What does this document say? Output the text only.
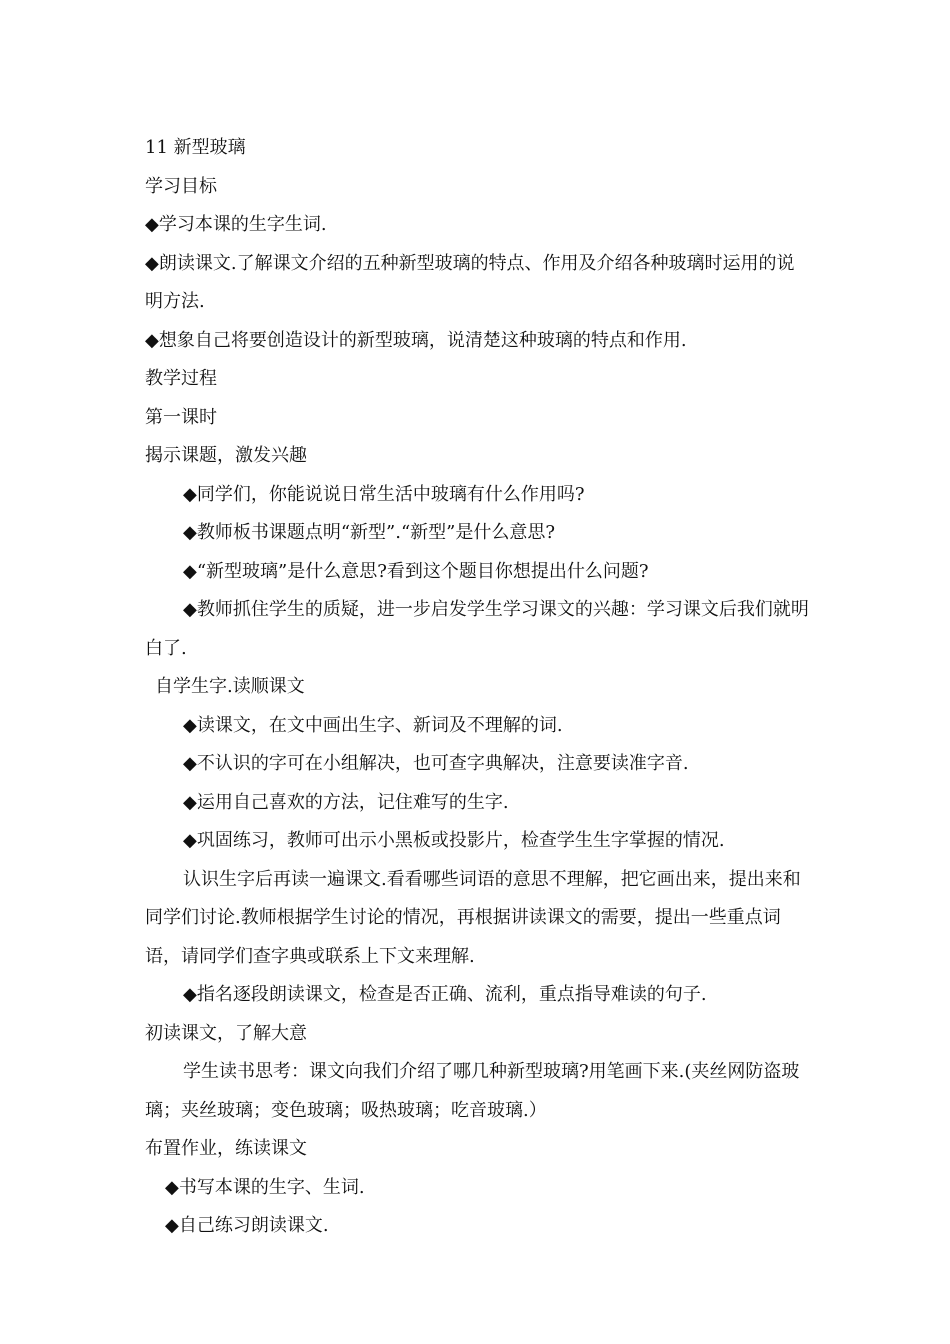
11 新型玻璃

学习目标

◆学习本课的生字生词.

◆朗读课文.了解课文介绍的五种新型玻璃的特点、作用及介绍各种玻璃时运用的说明方法.

◆想象自己将要创造设计的新型玻璃，说清楚这种玻璃的特点和作用.

教学过程

第一课时

揭示课题，激发兴趣

◆同学们，你能说说日常生活中玻璃有什么作用吗?

◆教师板书课题点明“新型”.“新型”是什么意思?

◆“新型玻璃”是什么意思?看到这个题目你想提出什么问题?

◆教师抓住学生的质疑，进一步启发学生学习课文的兴趣：学习课文后我们就明白了.

自学生字.读顺课文

◆读课文，在文中画出生字、新词及不理解的词.

◆不认识的字可在小组解决，也可查字典解决，注意要读准字音.

◆运用自己喜欢的方法，记住难写的生字.

◆巩固练习，教师可出示小黑板或投影片，检查学生生字掌握的情况.

认识生字后再读一遍课文.看看哪些词语的意思不理解，把它画出来，提出来和同学们讨论.教师根据学生讨论的情况，再根据讲读课文的需要，提出一些重点词语，请同学们查字典或联系上下文来理解.

◆指名逐段朗读课文，检查是否正确、流利，重点指导难读的句子.

初读课文，了解大意

学生读书思考：课文向我们介绍了哪几种新型玻璃?用笔画下来.(夹丝网防盗玻璃；夹丝玻璃；变色玻璃；吸热玻璃；吃音玻璃.）

布置作业，练读课文

◆书写本课的生字、生词.

◆自己练习朗读课文.
